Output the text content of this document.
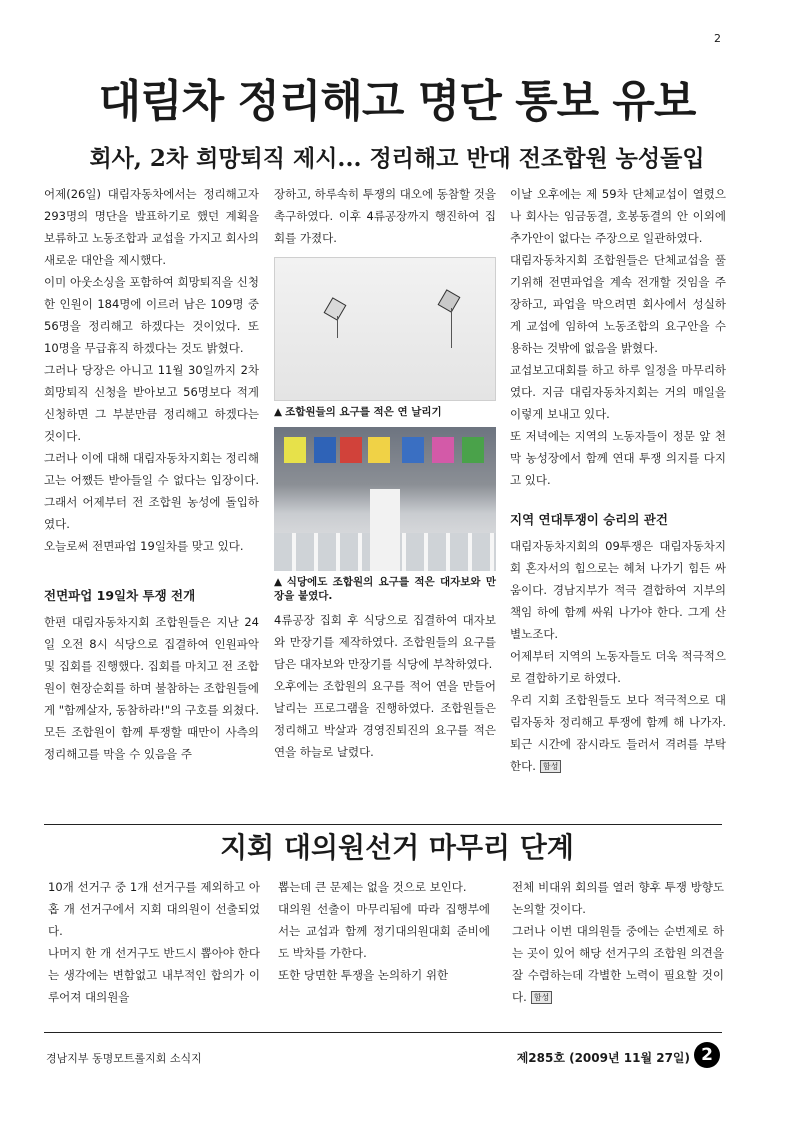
2
대림차 정리해고 명단 통보 유보
회사, 2차 희망퇴직 제시... 정리해고 반대 전조합원 농성돌입

어제(26일) 대림자동차에서는 정리해고자 293명의 명단을 발표하기로 했던 계획을 보류하고 노동조합과 교섭을 가지고 회사의 새로운 대안을 제시했다.

이미 아웃소싱을 포함하여 희망퇴직을 신청한 인원이 184명에 이르러 남은 109명 중 56명을 정리해고 하겠다는 것이었다. 또 10명을 무급휴직 하겠다는 것도 밝혔다.

그러나 당장은 아니고 11월 30일까지 2차 희망퇴직 신청을 받아보고 56명보다 적게 신청하면 그 부분만큼 정리해고 하겠다는 것이다.

그러나 이에 대해 대림자동차지회는 정리해고는 어쨌든 받아들일 수 없다는 입장이다. 그래서 어제부터 전 조합원 농성에 돌입하였다.

오늘로써 전면파업 19일차를 맞고 있다.

전면파업 19일차 투쟁 전개

한편 대림자동차지회 조합원들은 지난 24일 오전 8시 식당으로 집결하여 인원파악 및 집회를 진행했다. 집회를 마치고 전 조합원이 현장순회를 하며 불참하는 조합원들에게 "함께살자, 동참하라!"의 구호를 외쳤다. 모든 조합원이 함께 투쟁할 때만이 사측의 정리해고를 막을 수 있음을 주

장하고, 하루속히 투쟁의 대오에 동참할 것을 촉구하였다. 이후 4류공장까지 행진하여 집회를 가졌다.

▲ 조합원들의 요구를 적은 연 날리기
▲ 식당에도 조합원의 요구를 적은 대자보와 만장을 붙였다.

4류공장 집회 후 식당으로 집결하여 대자보와 만장기를 제작하였다. 조합원들의 요구를 담은 대자보와 만장기를 식당에 부착하였다.

오후에는 조합원의 요구를 적어 연을 만들어 날리는 프로그램을 진행하였다. 조합원들은 정리해고 박살과 경영진퇴진의 요구를 적은 연을 하늘로 날렸다.

이날 오후에는 제 59차 단체교섭이 열렸으나 회사는 임금동결, 호봉동결의 안 이외에 추가안이 없다는 주장으로 일관하였다.

대림자동차지회 조합원들은 단체교섭을 풀기위해 전면파업을 계속 전개할 것임을 주장하고, 파업을 막으려면 회사에서 성실하게 교섭에 임하여 노동조합의 요구안을 수용하는 것밖에 없음을 밝혔다.

교섭보고대회를 하고 하루 일정을 마무리하였다. 지금 대림자동차지회는 거의 매일을 이렇게 보내고 있다.

또 저녁에는 지역의 노동자들이 정문 앞 천막 농성장에서 함께 연대 투쟁 의지를 다지고 있다.

지역 연대투쟁이 승리의 관건

대림자동차지회의 09투쟁은 대림자동차지회 혼자서의 힘으로는 헤쳐 나가기 힘든 싸움이다. 경남지부가 적극 결합하여 지부의 책임 하에 함께 싸워 나가야 한다. 그게 산별노조다.

어제부터 지역의 노동자들도 더욱 적극적으로 결합하기로 하였다.

우리 지회 조합원들도 보다 적극적으로 대림자동차 정리해고 투쟁에 함께 해 나가자. 퇴근 시간에 잠시라도 들러서 격려를 부탁한다. 함성

지회 대의원선거 마무리 단계

10개 선거구 중 1개 선거구를 제외하고 아홉 개 선거구에서 지회 대의원이 선출되었다.

나머지 한 개 선거구도 반드시 뽑아야 한다는 생각에는 변함없고 내부적인 합의가 이루어져 대의원을

뽑는데 큰 문제는 없을 것으로 보인다.

대의원 선출이 마무리됨에 따라 집행부에서는 교섭과 함께 정기대의원대회 준비에도 박차를 가한다.

또한 당면한 투쟁을 논의하기 위한

전체 비대위 회의를 열러 향후 투쟁 방향도 논의할 것이다.

그러나 이번 대의원들 중에는 순번제로 하는 곳이 있어 해당 선거구의 조합원 의견을 잘 수렴하는데 각별한 노력이 필요할 것이다. 함성

경남지부 동명모트롤지회 소식지	제285호 (2009년 11월 27일) 2
